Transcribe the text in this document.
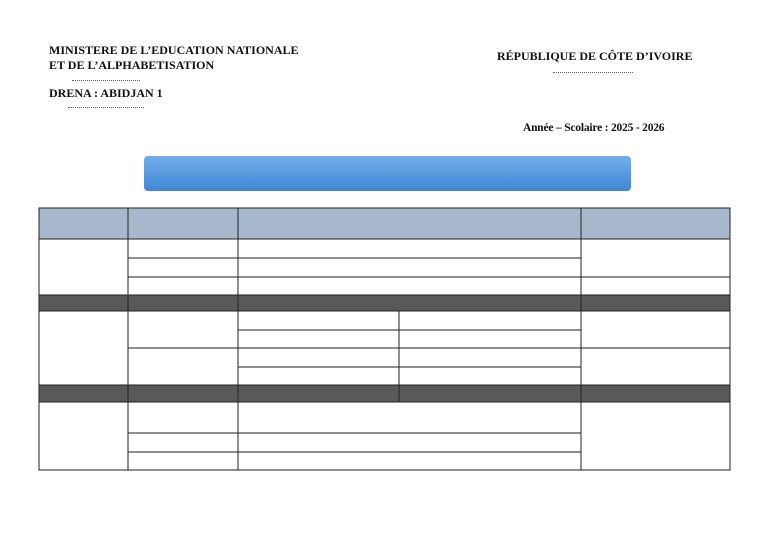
MINISTERE DE L’EDUCATION NATIONALE
ET DE L’ALPHABETISATION
DRENA : ABIDJAN 1
RÉPUBLIQUE DE CÔTE D’IVOIRE
Année – Scolaire : 2025 - 2026
